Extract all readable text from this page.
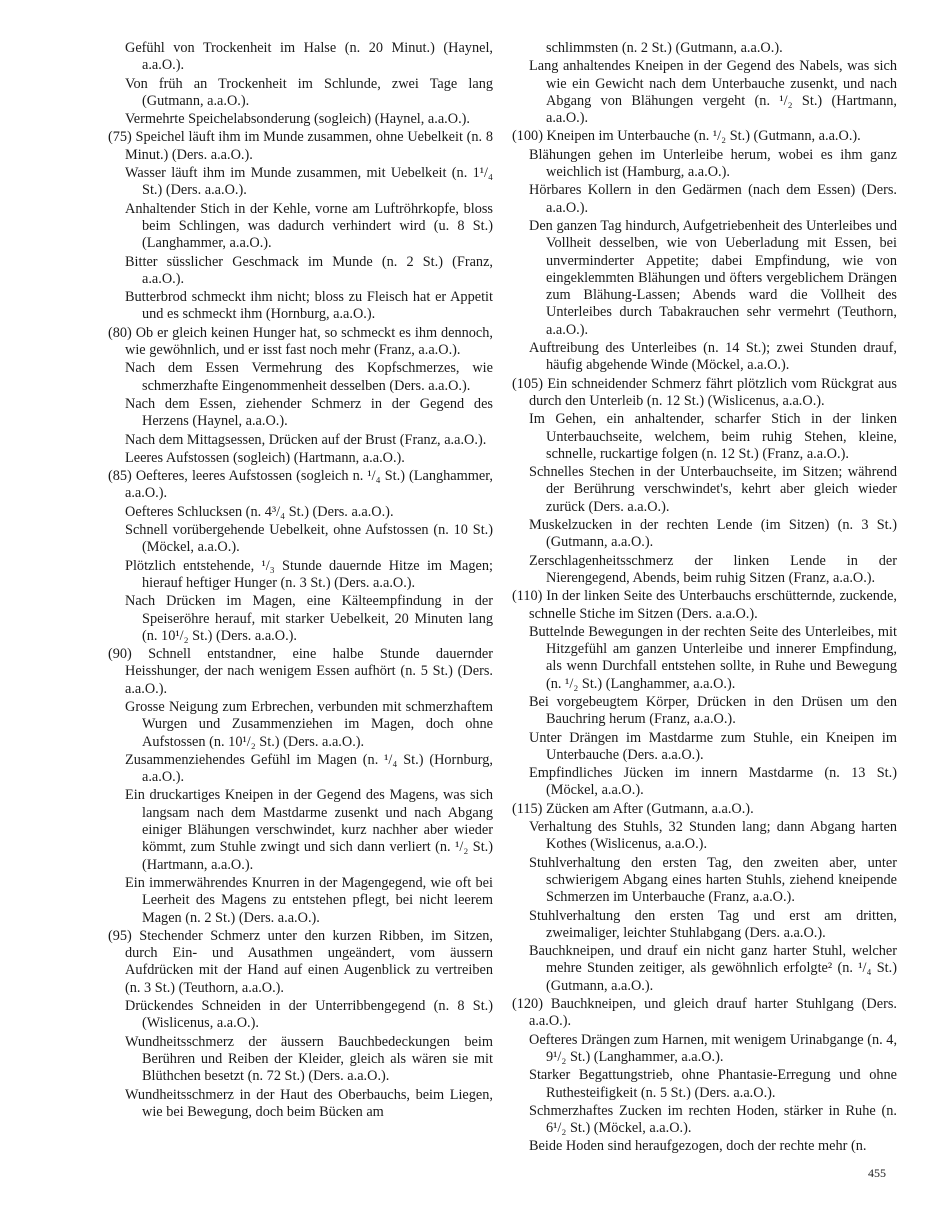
Gefühl von Trockenheit im Halse (n. 20 Minut.) (Haynel, a.a.O.).

Von früh an Trockenheit im Schlunde, zwei Tage lang (Gutmann, a.a.O.).

Vermehrte Speichelabsonderung (sogleich) (Haynel, a.a.O.).

(75) Speichel läuft ihm im Munde zusammen, ohne Uebelkeit (n. 8 Minut.) (Ders. a.a.O.).

Wasser läuft ihm im Munde zusammen, mit Uebelkeit (n. 1¹/₄ St.) (Ders. a.a.O.).

Anhaltender Stich in der Kehle, vorne am Luftröhrkopfe, bloss beim Schlingen, was dadurch verhindert wird (u. 8 St.) (Langhammer, a.a.O.).

Bitter süsslicher Geschmack im Munde (n. 2 St.) (Franz, a.a.O.).

Butterbrod schmeckt ihm nicht; bloss zu Fleisch hat er Appetit und es schmeckt ihm (Hornburg, a.a.O.).

(80) Ob er gleich keinen Hunger hat, so schmeckt es ihm dennoch, wie gewöhnlich, und er isst fast noch mehr (Franz, a.a.O.).

Nach dem Essen Vermehrung des Kopfschmerzes, wie schmerzhafte Eingenommenheit desselben (Ders. a.a.O.).

Nach dem Essen, ziehender Schmerz in der Gegend des Herzens (Haynel, a.a.O.).

Nach dem Mittagsessen, Drücken auf der Brust (Franz, a.a.O.).

Leeres Aufstossen (sogleich) (Hartmann, a.a.O.).

(85) Oefteres, leeres Aufstossen (sogleich n. ¹/₄ St.) (Langhammer, a.a.O.).

Oefteres Schlucksen (n. 4³/₄ St.) (Ders. a.a.O.).

Schnell vorübergehende Uebelkeit, ohne Aufstossen (n. 10 St.) (Möckel, a.a.O.).

Plötzlich entstehende, ¹/₃ Stunde dauernde Hitze im Magen; hierauf heftiger Hunger (n. 3 St.) (Ders. a.a.O.).

Nach Drücken im Magen, eine Kälteempfindung in der Speiseröhre herauf, mit starker Uebelkeit, 20 Minuten lang (n. 10¹/₂ St.) (Ders. a.a.O.).

(90) Schnell entstandner, eine halbe Stunde dauernder Heisshunger, der nach wenigem Essen aufhört (n. 5 St.) (Ders. a.a.O.).

Grosse Neigung zum Erbrechen, verbunden mit schmerzhaftem Wurgen und Zusammenziehen im Magen, doch ohne Aufstossen (n. 10¹/₂ St.) (Ders. a.a.O.).

Zusammenziehendes Gefühl im Magen (n. ¹/₄ St.) (Hornburg, a.a.O.).

Ein druckartiges Kneipen in der Gegend des Magens, was sich langsam nach dem Mastdarme zusenkt und nach Abgang einiger Blähungen verschwindet, kurz nachher aber wieder kömmt, zum Stuhle zwingt und sich dann verliert (n. ¹/₂ St.) (Hartmann, a.a.O.).

Ein immerwährendes Knurren in der Magengegend, wie oft bei Leerheit des Magens zu entstehen pflegt, bei nicht leerem Magen (n. 2 St.) (Ders. a.a.O.).

(95) Stechender Schmerz unter den kurzen Ribben, im Sitzen, durch Ein- und Ausathmen ungeändert, vom äussern Aufdrücken mit der Hand auf einen Augenblick zu vertreiben (n. 3 St.) (Teuthorn, a.a.O.).

Drückendes Schneiden in der Unterribbengegend (n. 8 St.) (Wislicenus, a.a.O.).

Wundheitsschmerz der äussern Bauchbedeckungen beim Berühren und Reiben der Kleider, gleich als wären sie mit Blüthchen besetzt (n. 72 St.) (Ders. a.a.O.).

Wundheitsschmerz in der Haut des Oberbauchs, beim Liegen, wie bei Bewegung, doch beim Bücken am

schlimmsten (n. 2 St.) (Gutmann, a.a.O.).

Lang anhaltendes Kneipen in der Gegend des Nabels, was sich wie ein Gewicht nach dem Unterbauche zusenkt, und nach Abgang von Blähungen vergeht (n. ¹/₂ St.) (Hartmann, a.a.O.).

(100) Kneipen im Unterbauche (n. ¹/₂ St.) (Gutmann, a.a.O.).

Blähungen gehen im Unterleibe herum, wobei es ihm ganz weichlich ist (Hamburg, a.a.O.).

Hörbares Kollern in den Gedärmen (nach dem Essen) (Ders. a.a.O.).

Den ganzen Tag hindurch, Aufgetriebenheit des Unterleibes und Vollheit desselben, wie von Ueberladung mit Essen, bei unverminderter Appetite; dabei Empfindung, wie von eingeklemmten Blähungen und öfters vergeblichem Drängen zum Blähung-Lassen; Abends ward die Vollheit des Unterleibes durch Tabakrauchen sehr vermehrt (Teuthorn, a.a.O.).

Auftreibung des Unterleibes (n. 14 St.); zwei Stunden drauf, häufig abgehende Winde (Möckel, a.a.O.).

(105) Ein schneidender Schmerz fährt plötzlich vom Rückgrat aus durch den Unterleib (n. 12 St.) (Wislicenus, a.a.O.).

Im Gehen, ein anhaltender, scharfer Stich in der linken Unterbauchseite, welchem, beim ruhig Stehen, kleine, schnelle, ruckartige folgen (n. 12 St.) (Franz, a.a.O.).

Schnelles Stechen in der Unterbauchseite, im Sitzen; während der Berührung verschwindet's, kehrt aber gleich wieder zurück (Ders. a.a.O.).

Muskelzucken in der rechten Lende (im Sitzen) (n. 3 St.) (Gutmann, a.a.O.).

Zerschlagenheitsschmerz der linken Lende in der Nierengegend, Abends, beim ruhig Sitzen (Franz, a.a.O.).

(110) In der linken Seite des Unterbauchs erschütternde, zuckende, schnelle Stiche im Sitzen (Ders. a.a.O.).

Buttelnde Bewegungen in der rechten Seite des Unterleibes, mit Hitzgefühl am ganzen Unterleibe und innerer Empfindung, als wenn Durchfall entstehen sollte, in Ruhe und Bewegung (n. ¹/₂ St.) (Langhammer, a.a.O.).

Bei vorgebeugtem Körper, Drücken in den Drüsen um den Bauchring herum (Franz, a.a.O.).

Unter Drängen im Mastdarme zum Stuhle, ein Kneipen im Unterbauche (Ders. a.a.O.).

Empfindliches Jücken im innern Mastdarme (n. 13 St.) (Möckel, a.a.O.).

(115) Zücken am After (Gutmann, a.a.O.).

Verhaltung des Stuhls, 32 Stunden lang; dann Abgang harten Kothes (Wislicenus, a.a.O.).

Stuhlverhaltung den ersten Tag, den zweiten aber, unter schwierigem Abgang eines harten Stuhls, ziehend kneipende Schmerzen im Unterbauche (Franz, a.a.O.).

Stuhlverhaltung den ersten Tag und erst am dritten, zweimaliger, leichter Stuhlabgang (Ders. a.a.O.).

Bauchkneipen, und drauf ein nicht ganz harter Stuhl, welcher mehre Stunden zeitiger, als gewöhnlich erfolgte² (n. ¹/₄ St.) (Gutmann, a.a.O.).

(120) Bauchkneipen, und gleich drauf harter Stuhlgang (Ders. a.a.O.).

Oefteres Drängen zum Harnen, mit wenigem Urinabgange (n. 4, 9¹/₂ St.) (Langhammer, a.a.O.).

Starker Begattungstrieb, ohne Phantasie-Erregung und ohne Ruthesteifigkeit (n. 5 St.) (Ders. a.a.O.).

Schmerzhaftes Zucken im rechten Hoden, stärker in Ruhe (n. 6¹/₂ St.) (Möckel, a.a.O.).

Beide Hoden sind heraufgezogen, doch der rechte mehr (n.

455
